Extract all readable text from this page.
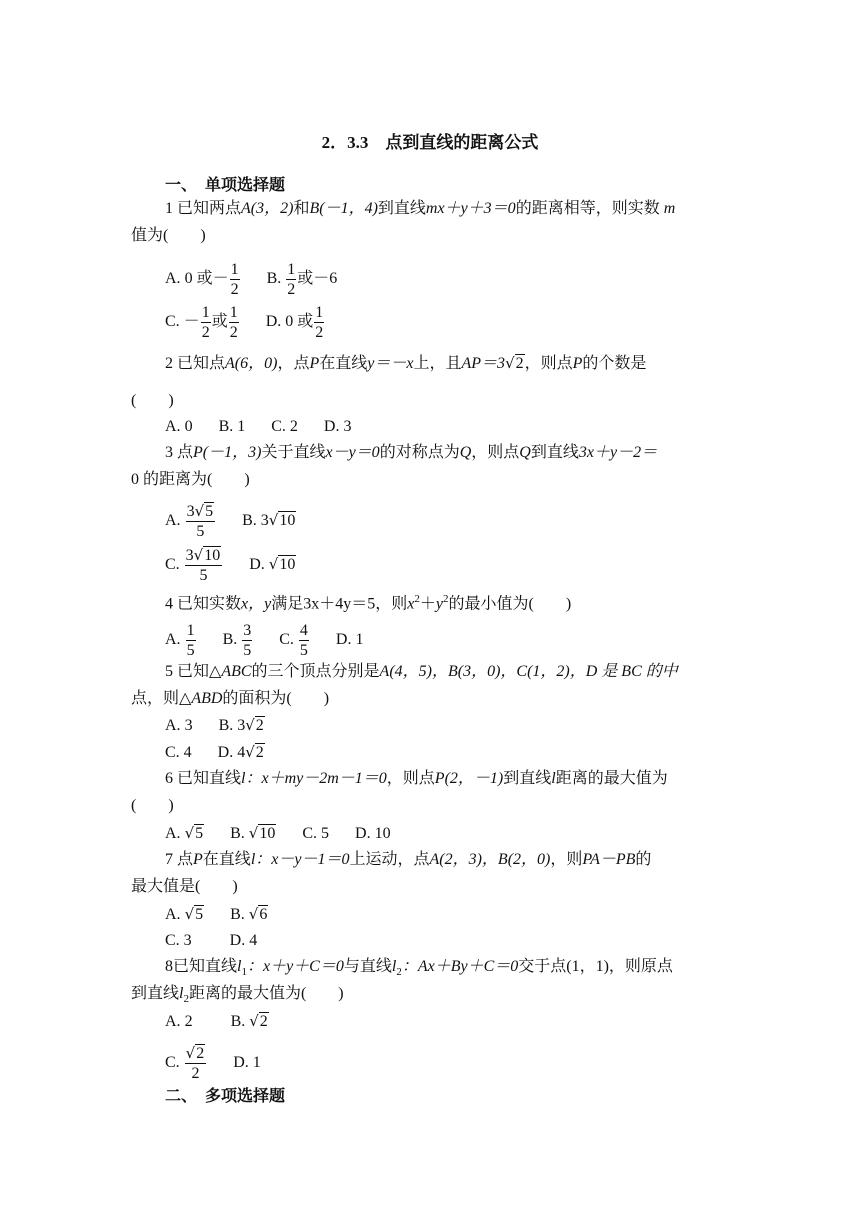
2．3.3　点到直线的距离公式
一、　单项选择题
1 已知两点A(3，2)和B(－1，4)到直线mx＋y＋3＝0的距离相等，则实数 m
值为(　　)
A. 0 或－ $\frac{1}{2} B$. $\frac{1}{2}$ 或－6
C. － $\frac{1}{2}$ 或 $\frac{1}{2} D$. 0 或 $\frac{1}{2}$
2 已知点A(6，0)，点P在直线y＝－x上，且AP＝3√2，则点P的个数是
(　　)
A. 0 B. 1 C. 2 D. 3
3 点P(－1，3)关于直线x－y＝0的对称点为Q，则点Q到直线3x＋y－2＝
0 的距离为(　　)
A. $\frac{3√5}{5} B$. 3√10
C. $\frac{3√10}{5} D$. √10
4 已知实数x，y满足3x＋4y＝5，则$x^2+y^2$的最小值为(　　)
A. $\frac{1}{5} B$. $\frac{3}{5} C$. $\frac{4}{5} D$. 1
5 已知△ABC的三个顶点分别是A(4，5)，B(3，0)，C(1，2)，D 是 BC 的中
点，则△ABD的面积为(　　)
A. 3 B. 3√2
C. 4 D. 4√2
6 已知直线l：x＋my－2m－1＝0，则点P(2，－1)到直线l距离的最大值为
(　　)
A. √5 B. √10 C. 5 D. 10
7 点P在直线l：x－y－1＝0上运动，点A(2，3)，B(2，0)，则PA－PB的
最大值是(　　)
A. √5 B. √6
C. 3 D. 4
8已知直线$l_1$：x＋y＋C＝0与直线$l_2$：Ax＋By＋C＝0交于点(1，1)，则原点
到直线$l_2$距离的最大值为(　　)
A. 2 B. √2
C. $\frac{√2}{2} D$. 1
二、　多项选择题
